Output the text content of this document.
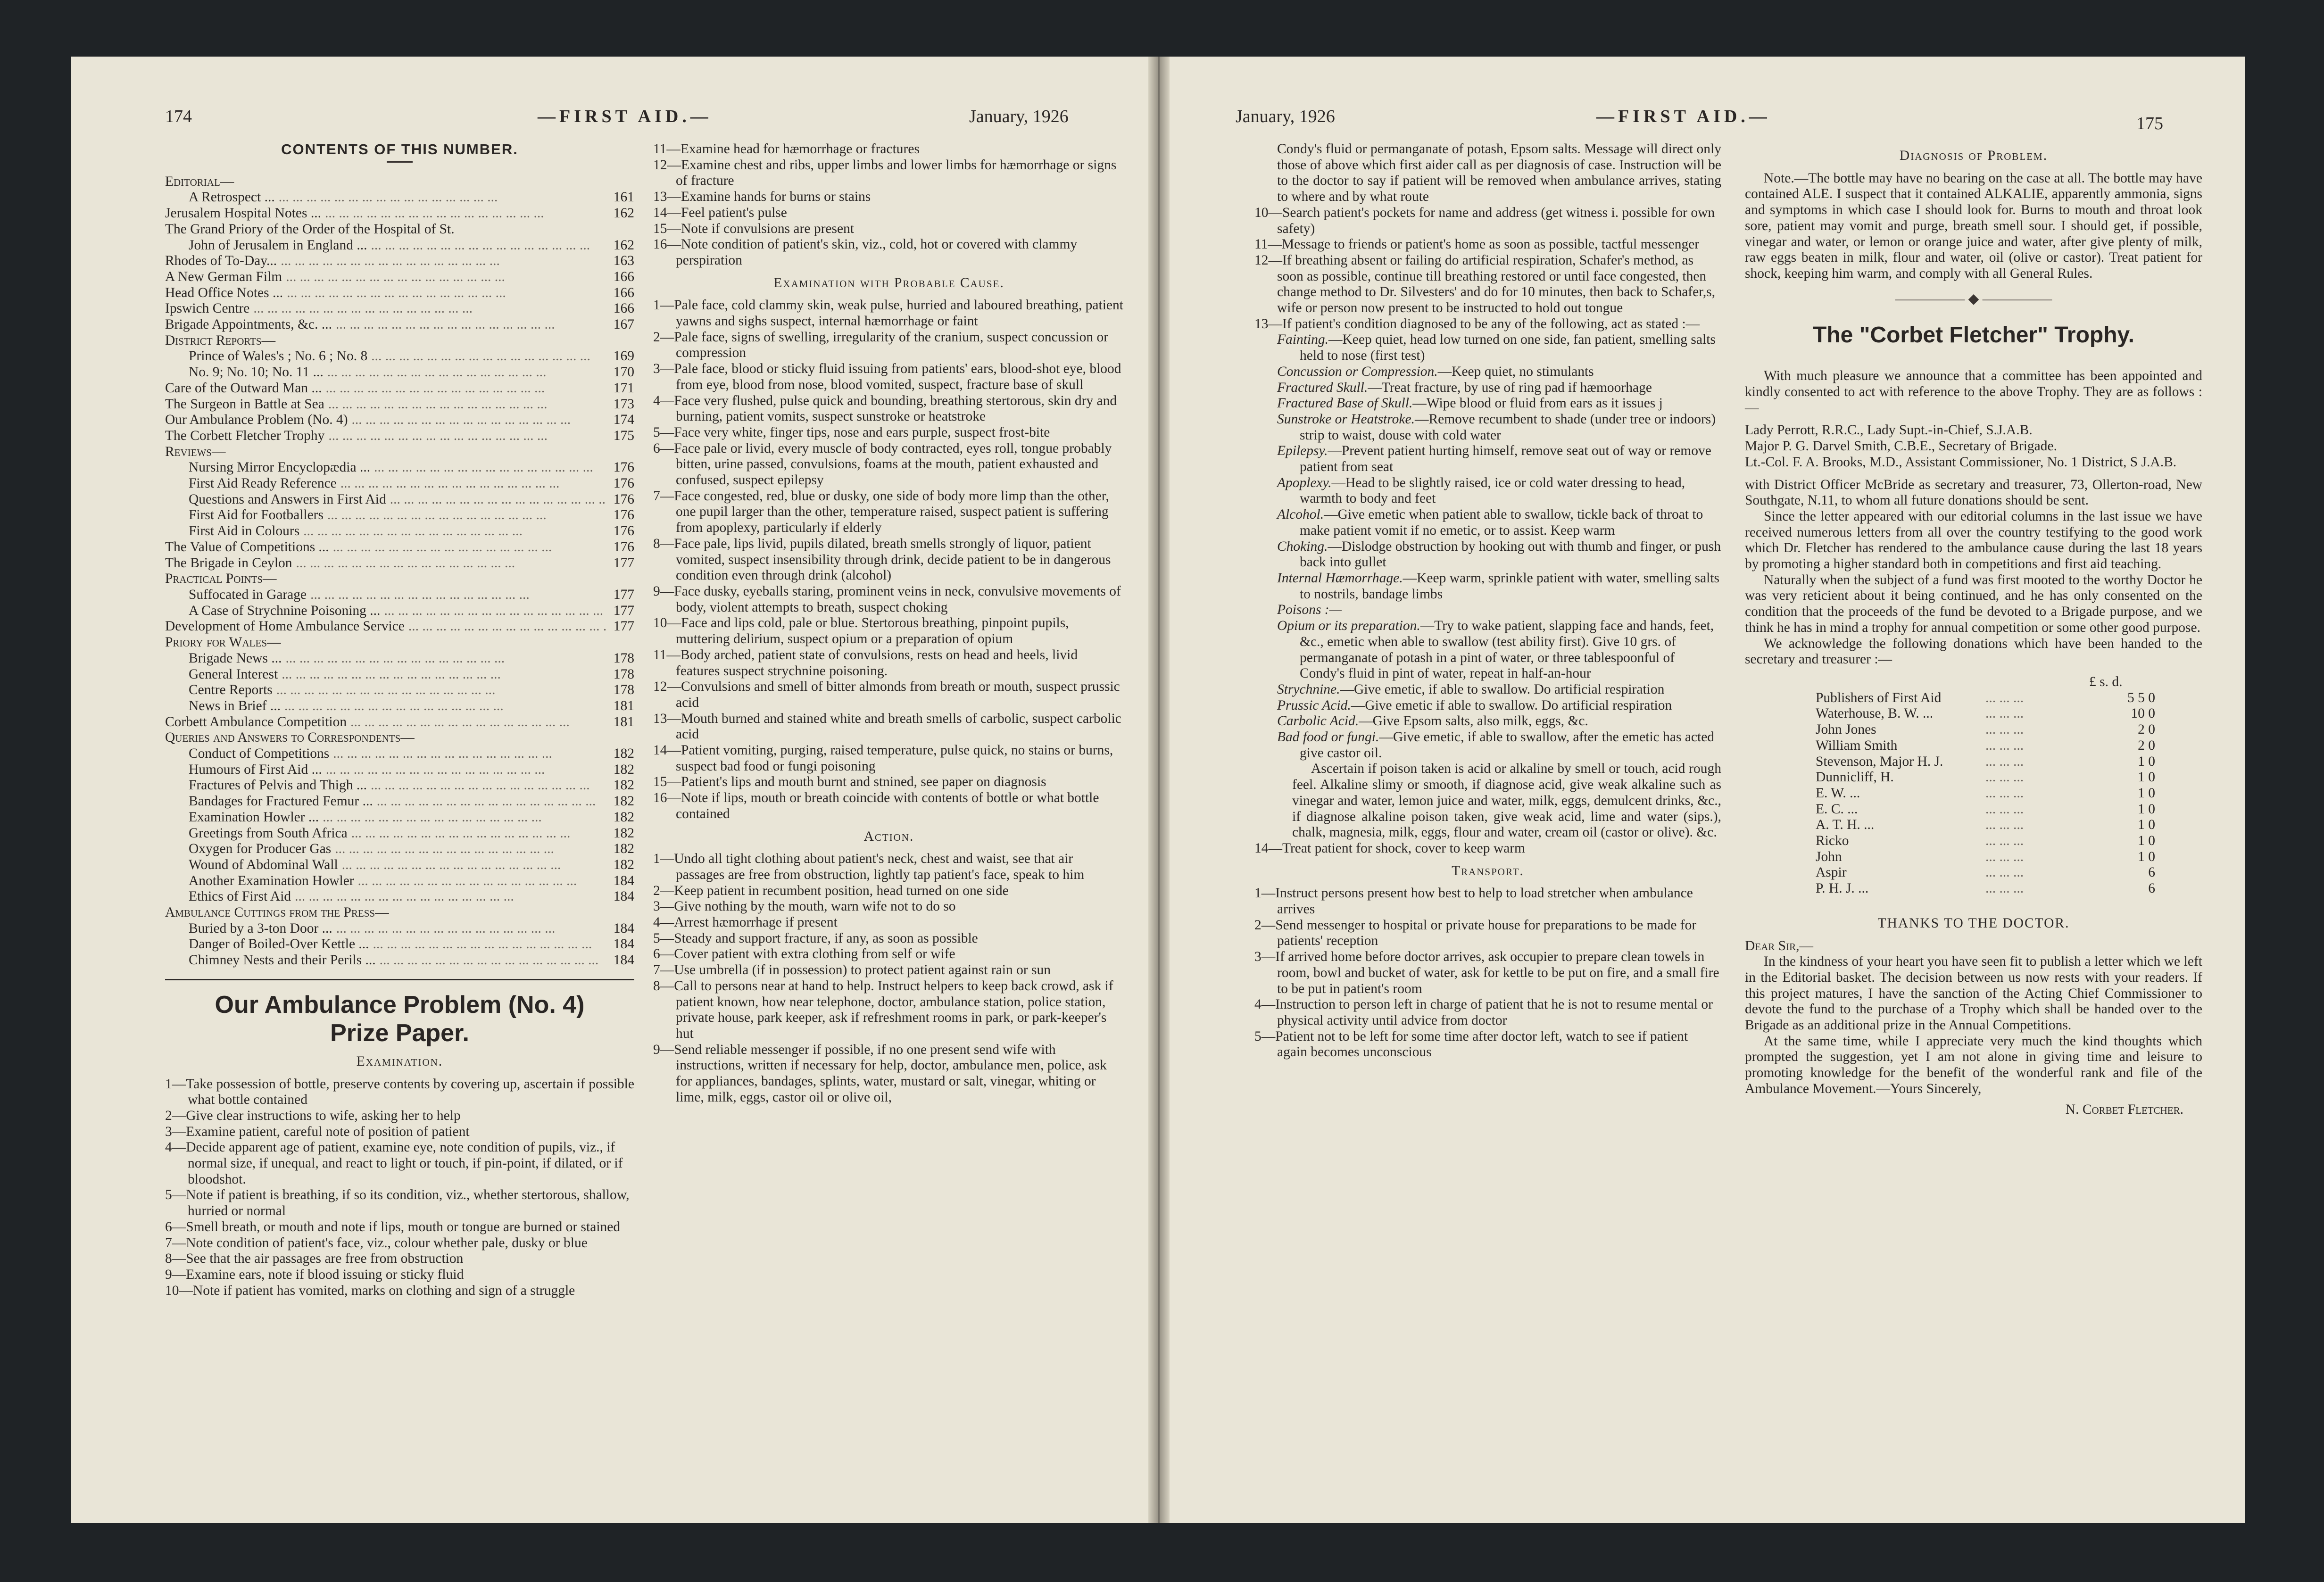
174	—FIRST AID.—	January, 1926
CONTENTS OF THIS NUMBER.
Editorial—
A Retrospect ... ... .	161
Jerusalem Hospital Notes ... ... .	162
The Grand Priory of the Order of the Hospital of St.
John of Jerusalem in England ... ... .	162
Rhodes of To-Day... ... .	163
A New German Film ... .	166
Head Office Notes ... ... .	166
Ipswich Centre ... .	166
Brigade Appointments, &c. ... ... .	167
District Reports—
Prince of Wales's ; No. 6 ; No. 8 ... .	169
No. 9; No. 10; No. 11 ... ... .	170
Care of the Outward Man ... ... .	171
The Surgeon in Battle at Sea ... .	173
Our Ambulance Problem (No. 4) ... .	174
The Corbett Fletcher Trophy ... .	175
Reviews—
Nursing Mirror Encyclopædia ... ... .	176
First Aid Ready Reference ... .	176
Questions and Answers in First Aid ... .	176
First Aid for Footballers ... .	176
First Aid in Colours ... .	176
The Value of Competitions ... ... .	176
The Brigade in Ceylon ... .	177
Practical Points—
Suffocated in Garage ... .	177
A Case of Strychnine Poisoning ... ... .	177
Development of Home Ambulance Service ... .	177
Priory for Wales—
Brigade News ... ... .	178
General Interest ... .	178
Centre Reports ... .	178
News in Brief ... ... .	181
Corbett Ambulance Competition ... .	181
Queries and Answers to Correspondents—
Conduct of Competitions ... .	182
Humours of First Aid ... ... .	182
Fractures of Pelvis and Thigh ... ... .	182
Bandages for Fractured Femur ... ... .	182
Examination Howler ... ... .	182
Greetings from South Africa ... .	182
Oxygen for Producer Gas ... .	182
Wound of Abdominal Wall ... .	182
Another Examination Howler ... .	184
Ethics of First Aid ... .	184
Ambulance Cuttings from the Press—
Buried by a 3-ton Door ... ... .	184
Danger of Boiled-Over Kettle ... ... .	184
Chimney Nests and their Perils ... ... .	184
Our Ambulance Problem (No. 4)
Prize Paper.
Examination.
1—Take possession of bottle, preserve contents by covering up, ascertain if possible what bottle contained
2—Give clear instructions to wife, asking her to help
3—Examine patient, careful note of position of patient
4—Decide apparent age of patient, examine eye, note condition of pupils, viz., if normal size, if unequal, and react to light or touch, if pin-point, if dilated, or if bloodshot.
5—Note if patient is breathing, if so its condition, viz., whether stertorous, shallow, hurried or normal
6—Smell breath, or mouth and note if lips, mouth or tongue are burned or stained
7—Note condition of patient's face, viz., colour whether pale, dusky or blue
8—See that the air passages are free from obstruction
9—Examine ears, note if blood issuing or sticky fluid
10—Note if patient has vomited, marks on clothing and sign of a struggle
11—Examine head for hæmorrhage or fractures
12—Examine chest and ribs, upper limbs and lower limbs for hæmorrhage or signs of fracture
13—Examine hands for burns or stains
14—Feel patient's pulse
15—Note if convulsions are present
16—Note condition of patient's skin, viz., cold, hot or covered with clammy perspiration
Examination with Probable Cause.
1—Pale face, cold clammy skin, weak pulse, hurried and laboured breathing, patient yawns and sighs suspect, internal hæmorrhage or faint
2—Pale face, signs of swelling, irregularity of the cranium, suspect concussion or compression
3—Pale face, blood or sticky fluid issuing from patients' ears, blood-shot eye, blood from eye, blood from nose, blood vomited, suspect, fracture base of skull
4—Face very flushed, pulse quick and bounding, breathing stertorous, skin dry and burning, patient vomits, suspect sunstroke or heatstroke
5—Face very white, finger tips, nose and ears purple, suspect frost-bite
6—Face pale or livid, every muscle of body contracted, eyes roll, tongue probably bitten, urine passed, convulsions, foams at the mouth, patient exhausted and confused, suspect epilepsy
7—Face congested, red, blue or dusky, one side of body more limp than the other, one pupil larger than the other, temperature raised, suspect patient is suffering from apoplexy, particularly if elderly
8—Face pale, lips livid, pupils dilated, breath smells strongly of liquor, patient vomited, suspect insensibility through drink, decide patient to be in dangerous condition even through drink (alcohol)
9—Face dusky, eyeballs staring, prominent veins in neck, convulsive movements of body, violent attempts to breath, suspect choking
10—Face and lips cold, pale or blue. Stertorous breathing, pinpoint pupils, muttering delirium, suspect opium or a preparation of opium
11—Body arched, patient state of convulsions, rests on head and heels, livid features suspect strychnine poisoning.
12—Convulsions and smell of bitter almonds from breath or mouth, suspect prussic acid
13—Mouth burned and stained white and breath smells of carbolic, suspect carbolic acid
14—Patient vomiting, purging, raised temperature, pulse quick, no stains or burns, suspect bad food or fungi poisoning
15—Patient's lips and mouth burnt and stnined, see paper on diagnosis
16—Note if lips, mouth or breath coincide with contents of bottle or what bottle contained
Action.
1—Undo all tight clothing about patient's neck, chest and waist, see that air passages are free from obstruction, lightly tap patient's face, speak to him
2—Keep patient in recumbent position, head turned on one side
3—Give nothing by the mouth, warn wife not to do so
4—Arrest hæmorrhage if present
5—Steady and support fracture, if any, as soon as possible
6—Cover patient with extra clothing from self or wife
7—Use umbrella (if in possession) to protect patient against rain or sun
8—Call to persons near at hand to help. Instruct helpers to keep back crowd, ask if patient known, how near telephone, doctor, ambulance station, police station, private house, park keeper, ask if refreshment rooms in park, or park-keeper's hut
9—Send reliable messenger if possible, if no one present send wife with instructions, written if necessary for help, doctor, ambulance men, police, ask for appliances, bandages, splints, water, mustard or salt, vinegar, whiting or lime, milk, eggs, castor oil or olive oil,
January, 1926	—FIRST AID.—	175
Condy's fluid or permanganate of potash, Epsom salts. Message will direct only those of above which first aider call as per diagnosis of case. Instruction will be to the doctor to say if patient will be removed when ambulance arrives, stating to where and by what route
10—Search patient's pockets for name and address (get witness i. possible for own safety)
11—Message to friends or patient's home as soon as possible, tactful messenger
12—If breathing absent or failing do artificial respiration, Schafer's method, as soon as possible, continue till breathing restored or until face congested, then change method to Dr. Silvesters' and do for 10 minutes, then back to Schafer,s, wife or person now present to be instructed to hold out tongue
13—If patient's condition diagnosed to be any of the following, act as stated :—
Fainting.—Keep quiet, head low turned on one side, fan patient, smelling salts held to nose (first test)
Concussion or Compression.—Keep quiet, no stimulants
Fractured Skull.—Treat fracture, by use of ring pad if hæmoorhage
Fractured Base of Skull.—Wipe blood or fluid from ears as it issues j
Sunstroke or Heatstroke.—Remove recumbent to shade (under tree or indoors) strip to waist, douse with cold water
Epilepsy.—Prevent patient hurting himself, remove seat out of way or remove patient from seat
Apoplexy.—Head to be slightly raised, ice or cold water dressing to head, warmth to body and feet
Alcohol.—Give emetic when patient able to swallow, tickle back of throat to make patient vomit if no emetic, or to assist. Keep warm
Choking.—Dislodge obstruction by hooking out with thumb and finger, or push back into gullet
Internal Hæmorrhage.—Keep warm, sprinkle patient with water, smelling salts to nostrils, bandage limbs
Poisons :—
Opium or its preparation.—Try to wake patient, slapping face and hands, feet, &c., emetic when able to swallow (test ability first). Give 10 grs. of permanganate of potash in a pint of water, or three tablespoonful of Condy's fluid in pint of water, repeat in half-an-hour
Strychnine.—Give emetic, if able to swallow. Do artificial respiration
Prussic Acid.—Give emetic if able to swallow. Do artificial respiration
Carbolic Acid.—Give Epsom salts, also milk, eggs, &c.
Bad food or fungi.—Give emetic, if able to swallow, after the emetic has acted give castor oil.
Ascertain if poison taken is acid or alkaline by smell or touch, acid rough feel. Alkaline slimy or smooth, if diagnose acid, give weak alkaline such as vinegar and water, lemon juice and water, milk, eggs, demulcent drinks, &c., if diagnose alkaline poison taken, give weak acid, lime and water (sips.), chalk, magnesia, milk, eggs, flour and water, cream oil (castor or olive). &c.
14—Treat patient for shock, cover to keep warm
Transport.
1—Instruct persons present how best to help to load stretcher when ambulance arrives
2—Send messenger to hospital or private house for preparations to be made for patients' reception
3—If arrived home before doctor arrives, ask occupier to prepare clean towels in room, bowl and bucket of water, ask for kettle to be put on fire, and a small fire to be put in patient's room
4—Instruction to person left in charge of patient that he is not to resume mental or physical activity until advice from doctor
5—Patient not to be left for some time after doctor left, watch to see if patient again becomes unconscious
Diagnosis of Problem.
Note.—The bottle may have no bearing on the case at all. The bottle may have contained ALE. I suspect that it contained ALKALIE, apparently ammonia, signs and symptoms in which case I should look for. Burns to mouth and throat look sore, patient may vomit and purge, breath smell sour. I should get, if possible, vinegar and water, or lemon or orange juice and water, after give plenty of milk, raw eggs beaten in milk, flour and water, oil (olive or castor). Treat patient for shock, keeping him warm, and comply with all General Rules.
————— ◆ —————
The "Corbet Fletcher" Trophy.
With much pleasure we announce that a committee has been appointed and kindly consented to act with reference to the above Trophy. They are as follows :—
Lady Perrott, R.R.C., Lady Supt.-in-Chief, S.J.A.B.
Major P. G. Darvel Smith, C.B.E., Secretary of Brigade.
Lt.-Col. F. A. Brooks, M.D., Assistant Commissioner, No. 1 District, S J.A.B.
with District Officer McBride as secretary and treasurer, 73, Ollerton-road, New Southgate, N.11, to whom all future donations should be sent.
Since the letter appeared with our editorial columns in the last issue we have received numerous letters from all over the country testifying to the good work which Dr. Fletcher has rendered to the ambulance cause during the last 18 years by promoting a higher standard both in competitions and first aid teaching.
Naturally when the subject of a fund was first mooted to the worthy Doctor he was very reticient about it being continued, and he has only consented on the condition that the proceeds of the fund be devoted to a Brigade purpose, and we think he has in mind a trophy for annual competition or some other good purpose.
We acknowledge the following donations which have been handed to the secretary and treasurer :—
£ s. d.
Publishers of First Aid	... ... ...	5 5 0
Waterhouse, B. W. ...	... ... ...	10 0
John Jones	... ... ...	2 0
William Smith	... ... ...	2 0
Stevenson, Major H. J.	... ... ...	1 0
Dunnicliff, H.	... ... ...	1 0
E. W. ...	... ... ...	1 0
E. C. ...	... ... ...	1 0
A. T. H. ...	... ... ...	1 0
Ricko	... ... ...	1 0
John	... ... ...	1 0
Aspir	... ... ...	6
P. H. J. ...	... ... ...	6
THANKS TO THE DOCTOR.
Dear Sir,—
In the kindness of your heart you have seen fit to publish a letter which we left in the Editorial basket. The decision between us now rests with your readers. If this project matures, I have the sanction of the Acting Chief Commissioner to devote the fund to the purchase of a Trophy which shall be handed over to the Brigade as an additional prize in the Annual Competitions.
At the same time, while I appreciate very much the kind thoughts which prompted the suggestion, yet I am not alone in giving time and leisure to promoting knowledge for the benefit of the wonderful rank and file of the Ambulance Movement.—Yours Sincerely,
N. Corbet Fletcher.
